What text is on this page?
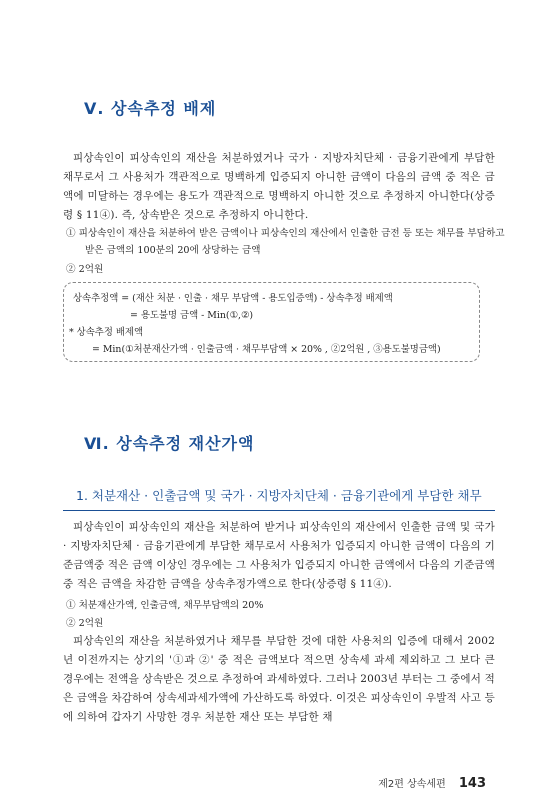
Ⅴ. 상속추정 배제

피상속인이 피상속인의 재산을 처분하였거나 국가 · 지방자치단체 · 금융기관에게 부담한 채무로서 그 사용처가 객관적으로 명백하게 입증되지 아니한 금액이 다음의 금액 중 적은 금액에 미달하는 경우에는 용도가 객관적으로 명백하지 아니한 것으로 추정하지 아니한다(상증령 § 11④). 즉, 상속받은 것으로 추정하지 아니한다.

① 피상속인이 재산을 처분하여 받은 금액이나 피상속인의 재산에서 인출한 금전 등 또는 채무를 부담하고 받은 금액의 100분의 20에 상당하는 금액

② 2억원

상속추정액 = (재산 처분 · 인출 · 채무 부담액 - 용도입증액) - 상속추정 배제액

= 용도불명 금액 - Min(①,②)

* 상속추정 배제액

= Min(①처분재산가액 · 인출금액 · 채무부담액 × 20% , ②2억원 , ③용도불명금액)

Ⅵ. 상속추정 재산가액
1. 처분재산 · 인출금액 및 국가 · 지방자치단체 · 금융기관에게 부담한 채무

피상속인이 피상속인의 재산을 처분하여 받거나 피상속인의 재산에서 인출한 금액 및 국가 · 지방자치단체 · 금융기관에게 부담한 채무로서 사용처가 입증되지 아니한 금액이 다음의 기준금액중 적은 금액 이상인 경우에는 그 사용처가 입증되지 아니한 금액에서 다음의 기준금액중 적은 금액을 차감한 금액을 상속추정가액으로 한다(상증령 § 11④).

① 처분재산가액, 인출금액, 채무부담액의 20%

② 2억원

피상속인의 재산을 처분하였거나 채무를 부담한 것에 대한 사용처의 입증에 대해서 2002년 이전까지는 상기의 '①과 ②' 중 적은 금액보다 적으면 상속세 과세 제외하고 그 보다 큰 경우에는 전액을 상속받은 것으로 추정하여 과세하였다. 그러나 2003년 부터는 그 중에서 적은 금액을 차감하여 상속세과세가액에 가산하도록 하였다. 이것은 피상속인이 우발적 사고 등에 의하여 갑자기 사망한 경우 처분한 재산 또는 부담한 채

제2편 상속세편 143
